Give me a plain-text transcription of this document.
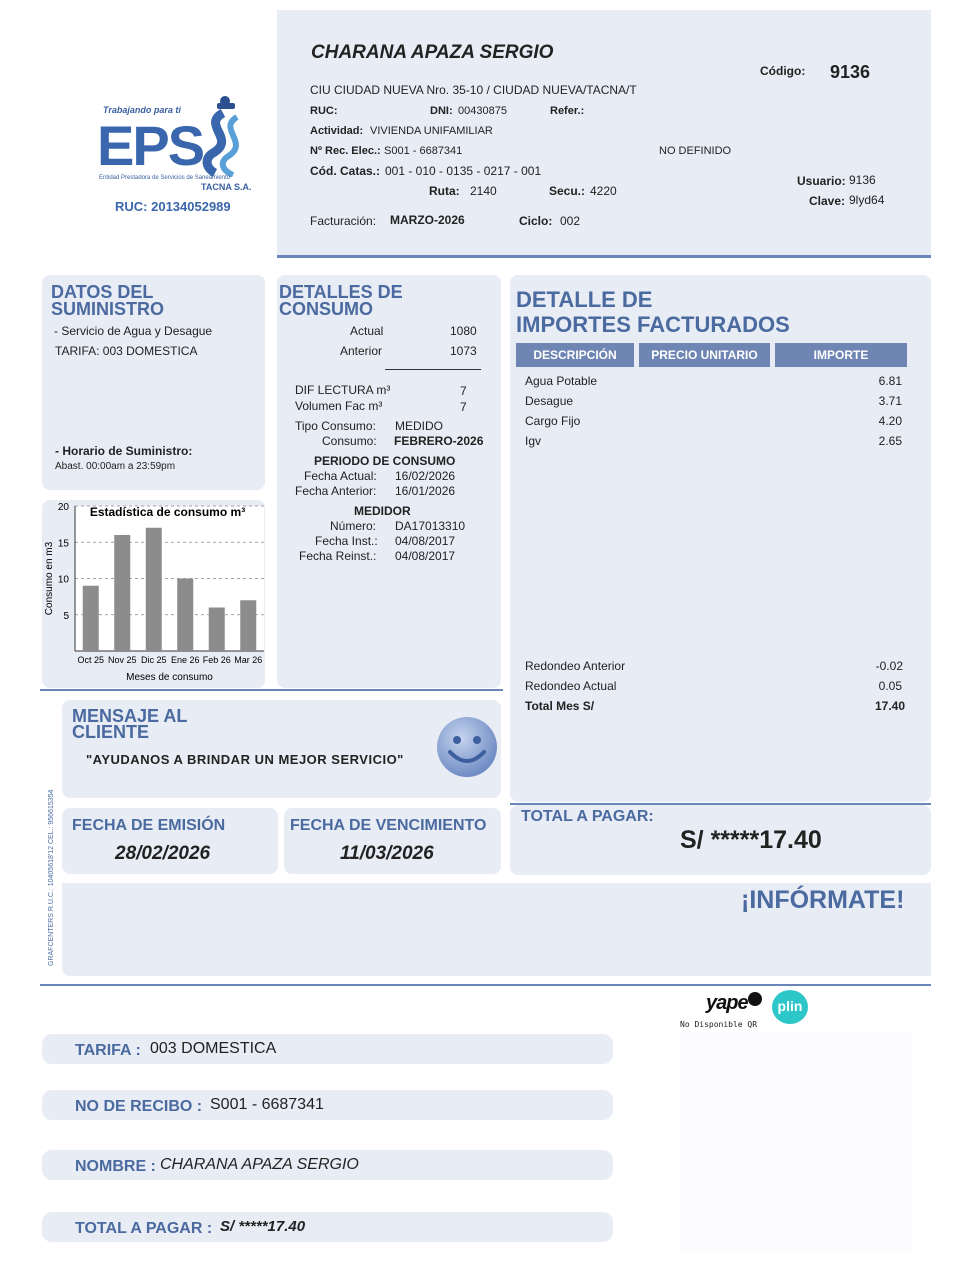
Trabajando para ti
EPS
Entidad Prestadora de Servicios de Saneamiento
TACNA S.A.
RUC: 20134052989
CHARANA APAZA SERGIO
CIU CIUDAD NUEVA Nro. 35-10 / CIUDAD NUEVA/TACNA/T
Código: 9136
RUC:	DNI: 00430875	Refer.:
Actividad: VIVIENDA UNIFAMILIAR
Nº Rec. Elec.: S001 - 6687341	NO DEFINIDO
Cód. Catas.: 001 - 010 - 0135 - 0217 - 001
Ruta: 2140	Secu.: 4220
Usuario: 9136
Clave: 9lyd64
Facturación: MARZO-2026	Ciclo: 002
DATOS DEL
SUMINISTRO
- Servicio de Agua y Desague
TARIFA: 003 DOMESTICA
- Horario de Suministro:
Abast. 00:00am a 23:59pm
5
10
15
20
Oct 25 Nov 25 Dic 25 Ene 26 Feb 26 Mar 26
Estadística de consumo m³
Meses de consumo
Consumo en m3
DETALLES DE
CONSUMO
Actual	1080
Anterior	1073
DIF LECTURA m³	7
Volumen Fac m³	7
Tipo Consumo: MEDIDO
Consumo: FEBRERO-2026
PERIODO DE CONSUMO
Fecha Actual: 16/02/2026
Fecha Anterior: 16/01/2026
MEDIDOR
Número: DA17013310
Fecha Inst.: 04/08/2017
Fecha Reinst.: 04/08/2017
DETALLE DE
IMPORTES FACTURADOS
DESCRIPCIÓN	PRECIO UNITARIO	IMPORTE
Agua Potable	6.81
Desague	3.71
Cargo Fijo	4.20
Igv	2.65
Redondeo Anterior	-0.02
Redondeo Actual	0.05
Total Mes S/	17.40
MENSAJE AL
CLIENTE
"AYUDANOS A BRINDAR UN MEJOR SERVICIO"
GRAFCENTERS R.U.C.: 10405618'12 CEL.: 956615354 FECHA DE EMISIÓN
28/02/2026
FECHA DE VENCIMIENTO
11/03/2026
TOTAL A PAGAR:
S/ *****17.40
¡INFÓRMATE!
yape	plin
No Disponible QR
TARIFA : 003 DOMESTICA
NO DE RECIBO : S001 - 6687341
NOMBRE : CHARANA APAZA SERGIO
TOTAL A PAGAR : S/ *****17.40
